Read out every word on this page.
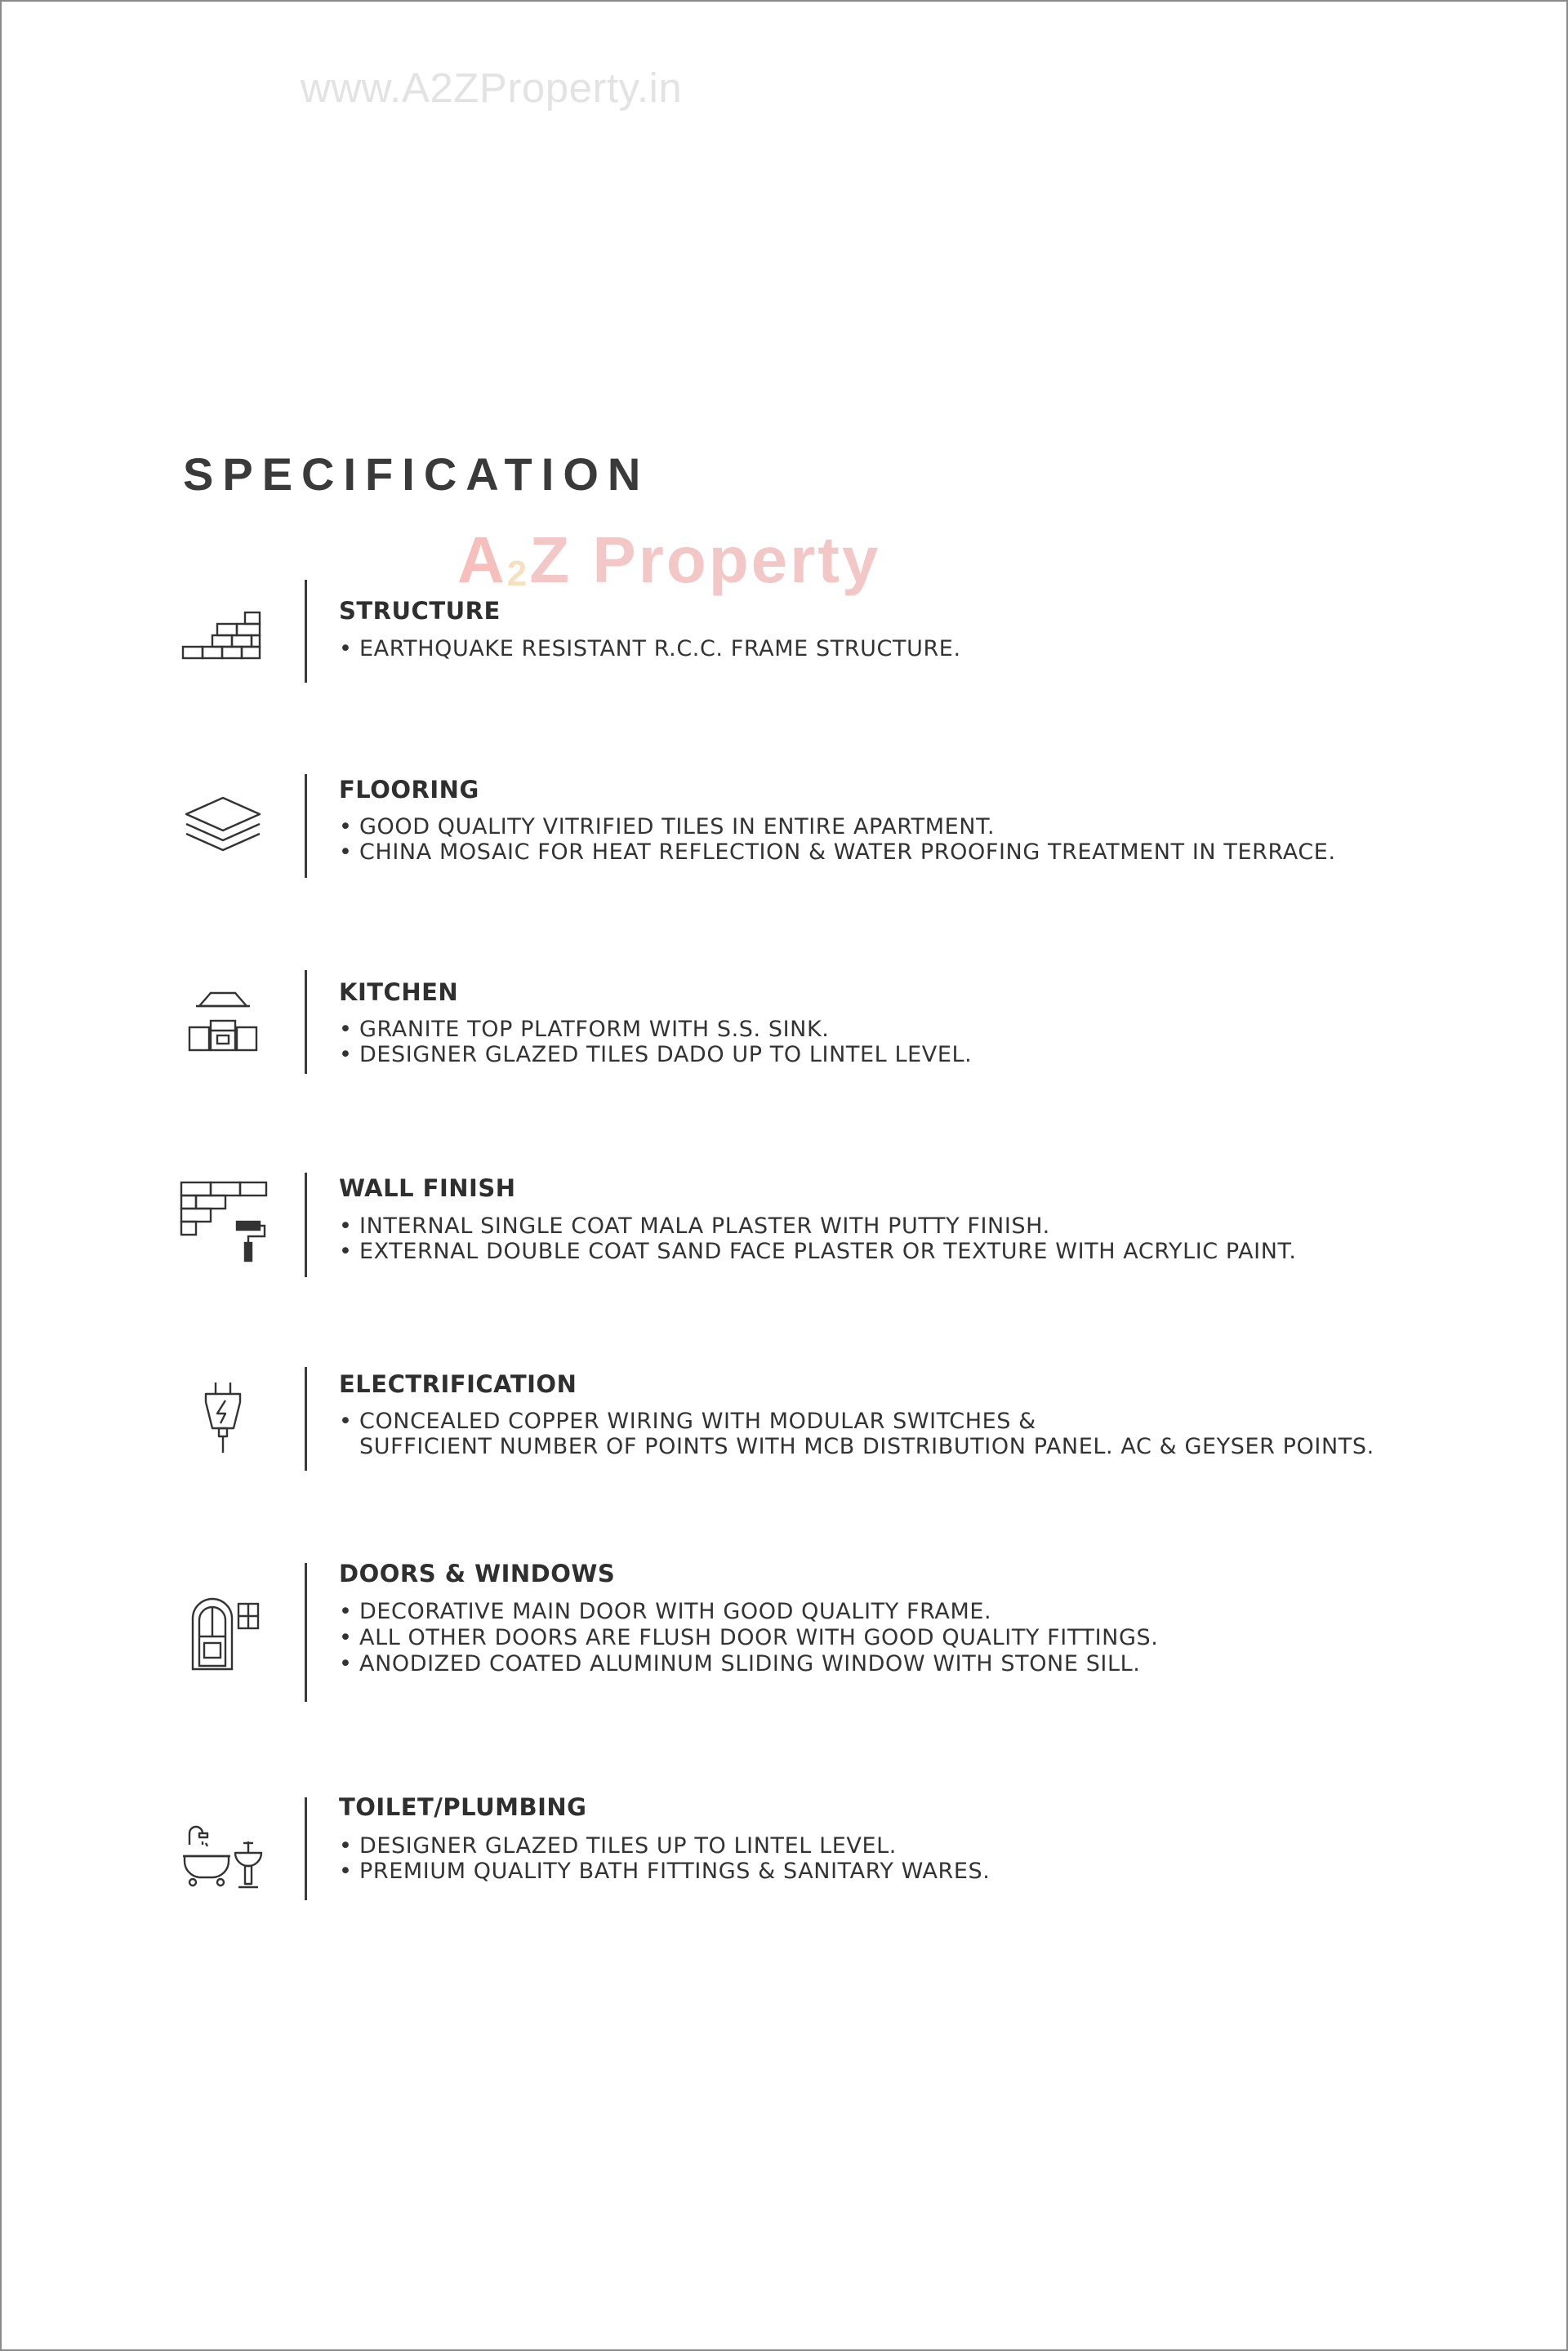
www.A2ZProperty.in
SPECIFICATION
A2Z Property
STRUCTURE
• EARTHQUAKE RESISTANT R.C.C. FRAME STRUCTURE.
FLOORING
• GOOD QUALITY VITRIFIED TILES IN ENTIRE APARTMENT.
• CHINA MOSAIC FOR HEAT REFLECTION & WATER PROOFING TREATMENT IN TERRACE.
KITCHEN
• GRANITE TOP PLATFORM WITH S.S. SINK.
• DESIGNER GLAZED TILES DADO UP TO LINTEL LEVEL.
WALL FINISH
• INTERNAL SINGLE COAT MALA PLASTER WITH PUTTY FINISH.
• EXTERNAL DOUBLE COAT SAND FACE PLASTER OR TEXTURE WITH ACRYLIC PAINT.
ELECTRIFICATION
• CONCEALED COPPER WIRING WITH MODULAR SWITCHES &
SUFFICIENT NUMBER OF POINTS WITH MCB DISTRIBUTION PANEL. AC & GEYSER POINTS.
DOORS & WINDOWS
• DECORATIVE MAIN DOOR WITH GOOD QUALITY FRAME.
• ALL OTHER DOORS ARE FLUSH DOOR WITH GOOD QUALITY FITTINGS.
• ANODIZED COATED ALUMINUM SLIDING WINDOW WITH STONE SILL.
TOILET/PLUMBING
• DESIGNER GLAZED TILES UP TO LINTEL LEVEL.
• PREMIUM QUALITY BATH FITTINGS & SANITARY WARES.
